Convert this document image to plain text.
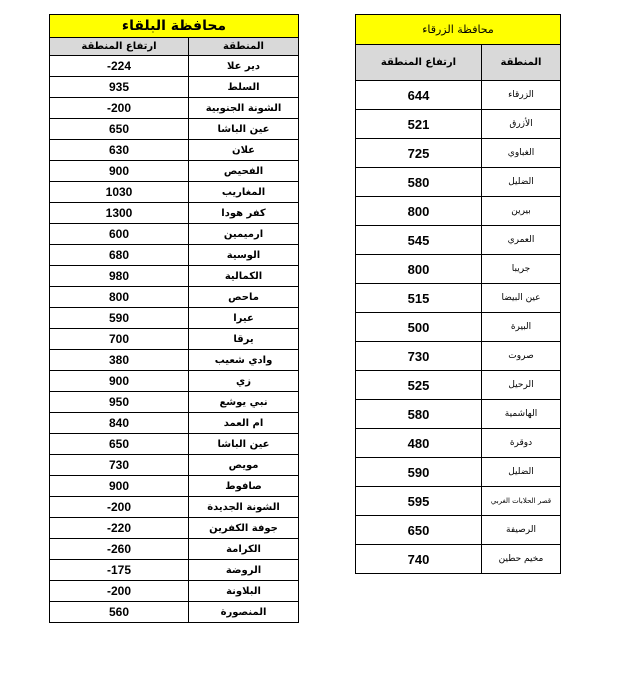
محافظة البلقاء	
المنطقة	ارتفاع المنطقة
دير علا	-224
السلط	935
الشونة الجنوبية	-200
عين الباشا	650
علان	630
الفحيص	900
المغاريب	1030
كفر هودا	1300
ارميمين	600
الوسية	680
الكمالية	980
ماحص	800
عيرا	590
يرقا	700
وادي شعيب	380
زي	900
نبي يوشع	950
ام العمد	840
عين الباشا	650
مويص	730
صافوط	900
الشونة الجديدة	-200
جوفة الكفرين	-220
الكرامة	-260
الروضة	-175
البلاونة	-200
المنصورة	560
محافظة الزرقاء	
المنطقة	ارتفاع المنطقة
الزرقاء	644
الأزرق	521
الغباوي	725
الضليل	580
بيرين	800
العمري	545
جريبا	800
عين البيضا	515
البيرة	500
صروت	730
الرحيل	525
الهاشمية	580
دوقرة	480
الضليل	590
قصر الحلابات الغربي	595
الرصيفة	650
مخيم حطين	740
